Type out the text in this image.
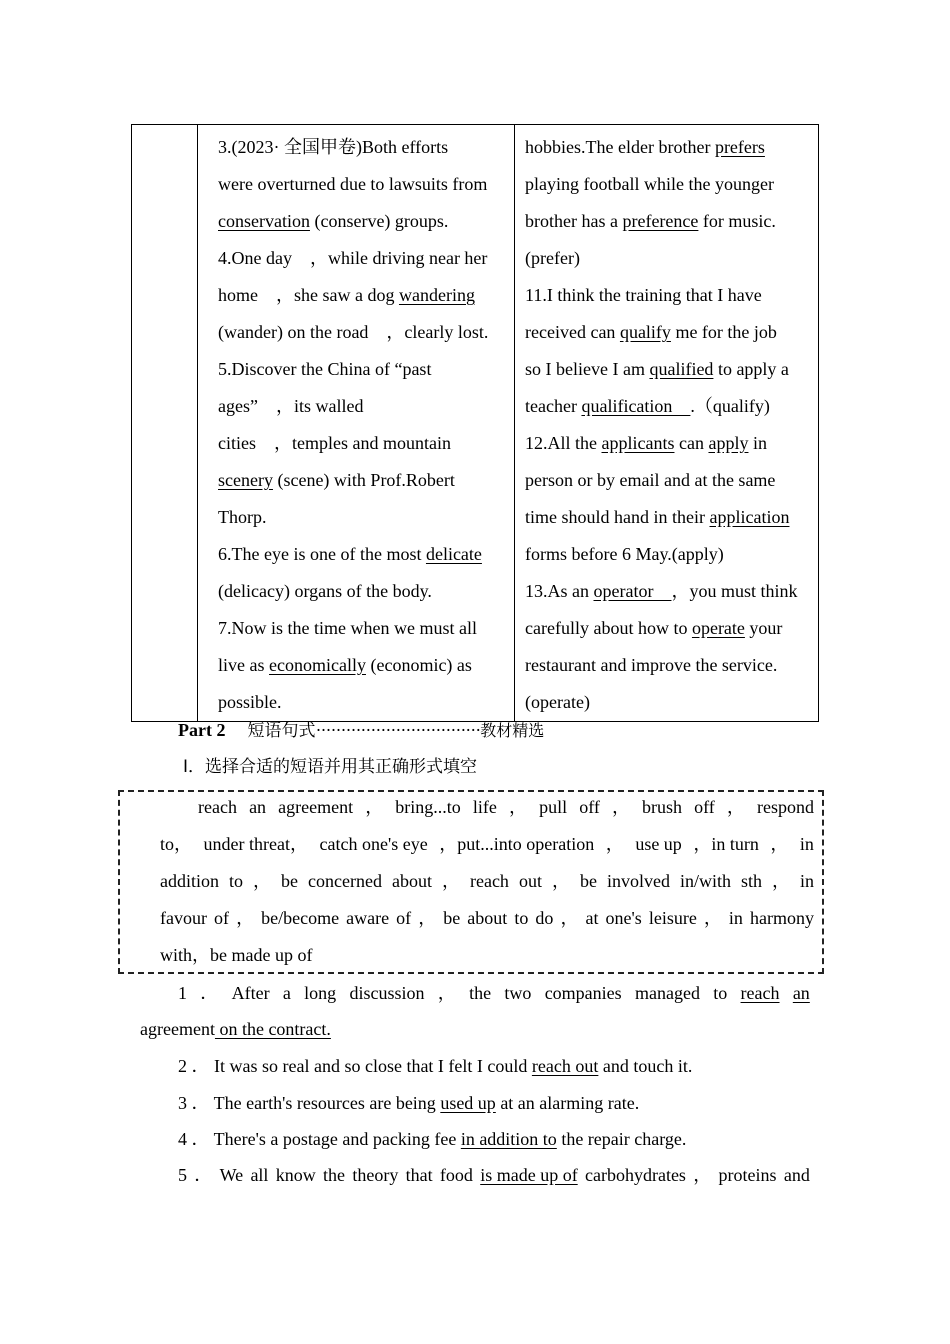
3.(2023· 全国甲卷)Both efforts
were overturned due to lawsuits from
conservation (conserve) groups.
4.One day　，while driving near her
home　，she saw a dog wandering
(wander) on the road　，clearly lost.
5.Discover the China of “past
ages”　，its walled
cities　，temples and mountain
scenery (scene) with Prof.Robert
Thorp.
6.The eye is one of the most delicate
(delicacy) organs of the body.
7.Now is the time when we must all
live as economically (economic) as
possible.

hobbies.The elder brother prefers
playing football while the younger
brother has a preference for music.
(prefer)
11.I think the training that I have
received can qualify me for the job
so I believe I am qualified to apply a
teacher qualification　.（qualify)
12.All the applicants can apply in
person or by email and at the same
time should hand in their application
forms before 6 May.(apply)
13.As an operator　，you must think
carefully about how to operate your
restaurant and improve the service.
(operate)
Part 2 短语句式·································教材精选
Ⅰ．选择合适的短语并用其正确形式填空
reach an agreement ， bring...to life ， pull off ， brush off ， respond
to， under threat， catch one's eye ，put...into operation ， use up ，in turn ， in
addition to ， be concerned about ， reach out ， be involved in/with sth ， in
favour of ， be/become aware of ， be about to do ， at one's leisure ， in harmony
with，be made up of
1 ． After a long discussion ， the two companies managed to reach an
agreement on the contract.
2 ． It was so real and so close that I felt I could reach out and touch it.
3 ． The earth's resources are being used up at an alarming rate.
4 ． There's a postage and packing fee in addition to the repair charge.
5 ． We all know the theory that food is made up of carbohydrates ， proteins and
